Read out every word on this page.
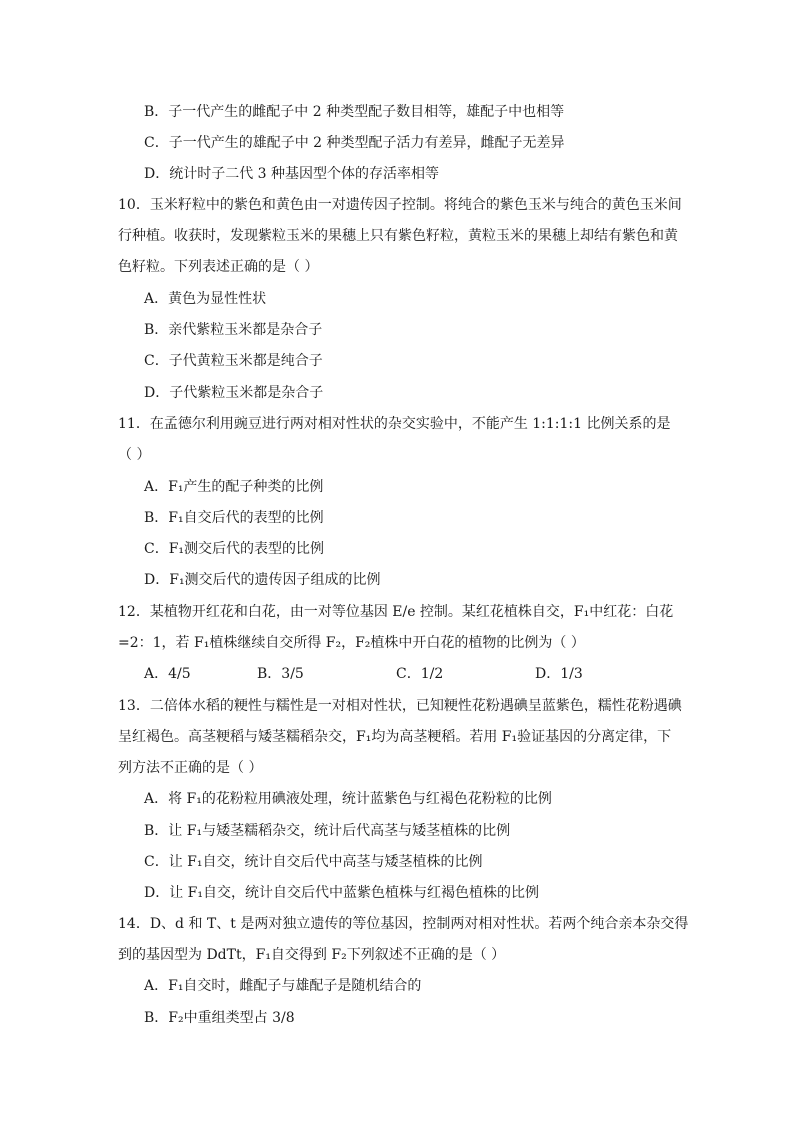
B．子一代产生的雌配子中 2 种类型配子数目相等，雄配子中也相等
C．子一代产生的雄配子中 2 种类型配子活力有差异，雌配子无差异
D．统计时子二代 3 种基因型个体的存活率相等
10．玉米籽粒中的紫色和黄色由一对遗传因子控制。将纯合的紫色玉米与纯合的黄色玉米间
行种植。收获时，发现紫粒玉米的果穗上只有紫色籽粒，黄粒玉米的果穗上却结有紫色和黄
色籽粒。下列表述正确的是（ ）
A．黄色为显性性状
B．亲代紫粒玉米都是杂合子
C．子代黄粒玉米都是纯合子
D．子代紫粒玉米都是杂合子
11．在孟德尔利用豌豆进行两对相对性状的杂交实验中，不能产生 1:1:1:1 比例关系的是
（ ）
A．F₁产生的配子种类的比例
B．F₁自交后代的表型的比例
C．F₁测交后代的表型的比例
D．F₁测交后代的遗传因子组成的比例
12．某植物开红花和白花，由一对等位基因 E/e 控制。某红花植株自交，F₁中红花：白花
=2：1，若 F₁植株继续自交所得 F₂，F₂植株中开白花的植物的比例为（ ）
A．4/5	B．3/5	C．1/2	D．1/3
13．二倍体水稻的粳性与糯性是一对相对性状，已知粳性花粉遇碘呈蓝紫色，糯性花粉遇碘
呈红褐色。高茎粳稻与矮茎糯稻杂交，F₁均为高茎粳稻。若用 F₁验证基因的分离定律，下
列方法不正确的是（ ）
A．将 F₁的花粉粒用碘液处理，统计蓝紫色与红褐色花粉粒的比例
B．让 F₁与矮茎糯稻杂交，统计后代高茎与矮茎植株的比例
C．让 F₁自交，统计自交后代中高茎与矮茎植株的比例
D．让 F₁自交，统计自交后代中蓝紫色植株与红褐色植株的比例
14．D、d 和 T、t 是两对独立遗传的等位基因，控制两对相对性状。若两个纯合亲本杂交得
到的基因型为 DdTt，F₁自交得到 F₂下列叙述不正确的是（ ）
A．F₁自交时，雌配子与雄配子是随机结合的
B．F₂中重组类型占 3/8
